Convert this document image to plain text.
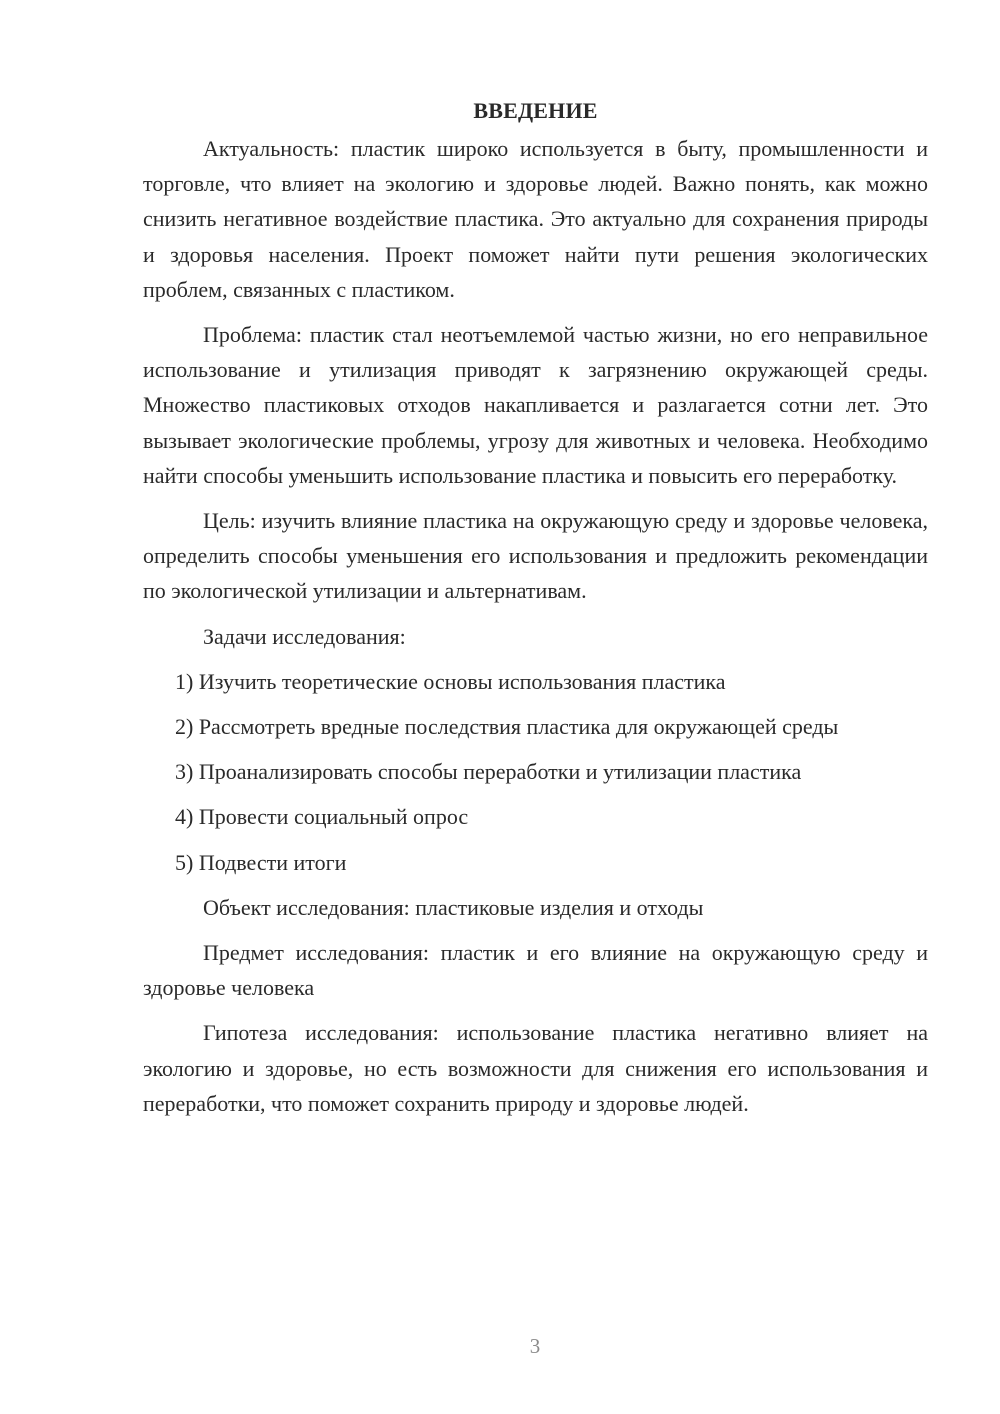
ВВЕДЕНИЕ

Актуальность: пластик широко используется в быту, промышленности и торговле, что влияет на экологию и здоровье людей. Важно понять, как можно снизить негативное воздействие пластика. Это актуально для сохранения природы и здоровья населения. Проект поможет найти пути решения экологических проблем, связанных с пластиком.

Проблема: пластик стал неотъемлемой частью жизни, но его неправильное использование и утилизация приводят к загрязнению окружающей среды. Множество пластиковых отходов накапливается и разлагается сотни лет. Это вызывает экологические проблемы, угрозу для животных и человека. Необходимо найти способы уменьшить использование пластика и повысить его переработку.

Цель: изучить влияние пластика на окружающую среду и здоровье человека, определить способы уменьшения его использования и предложить рекомендации по экологической утилизации и альтернативам.

Задачи исследования:

1) Изучить теоретические основы использования пластика
2) Рассмотреть вредные последствия пластика для окружающей среды
3) Проанализировать способы переработки и утилизации пластика
4) Провести социальный опрос
5) Подвести итоги

Объект исследования: пластиковые изделия и отходы

Предмет исследования: пластик и его влияние на окружающую среду и здоровье человека

Гипотеза исследования: использование пластика негативно влияет на экологию и здоровье, но есть возможности для снижения его использования и переработки, что поможет сохранить природу и здоровье людей.

3
